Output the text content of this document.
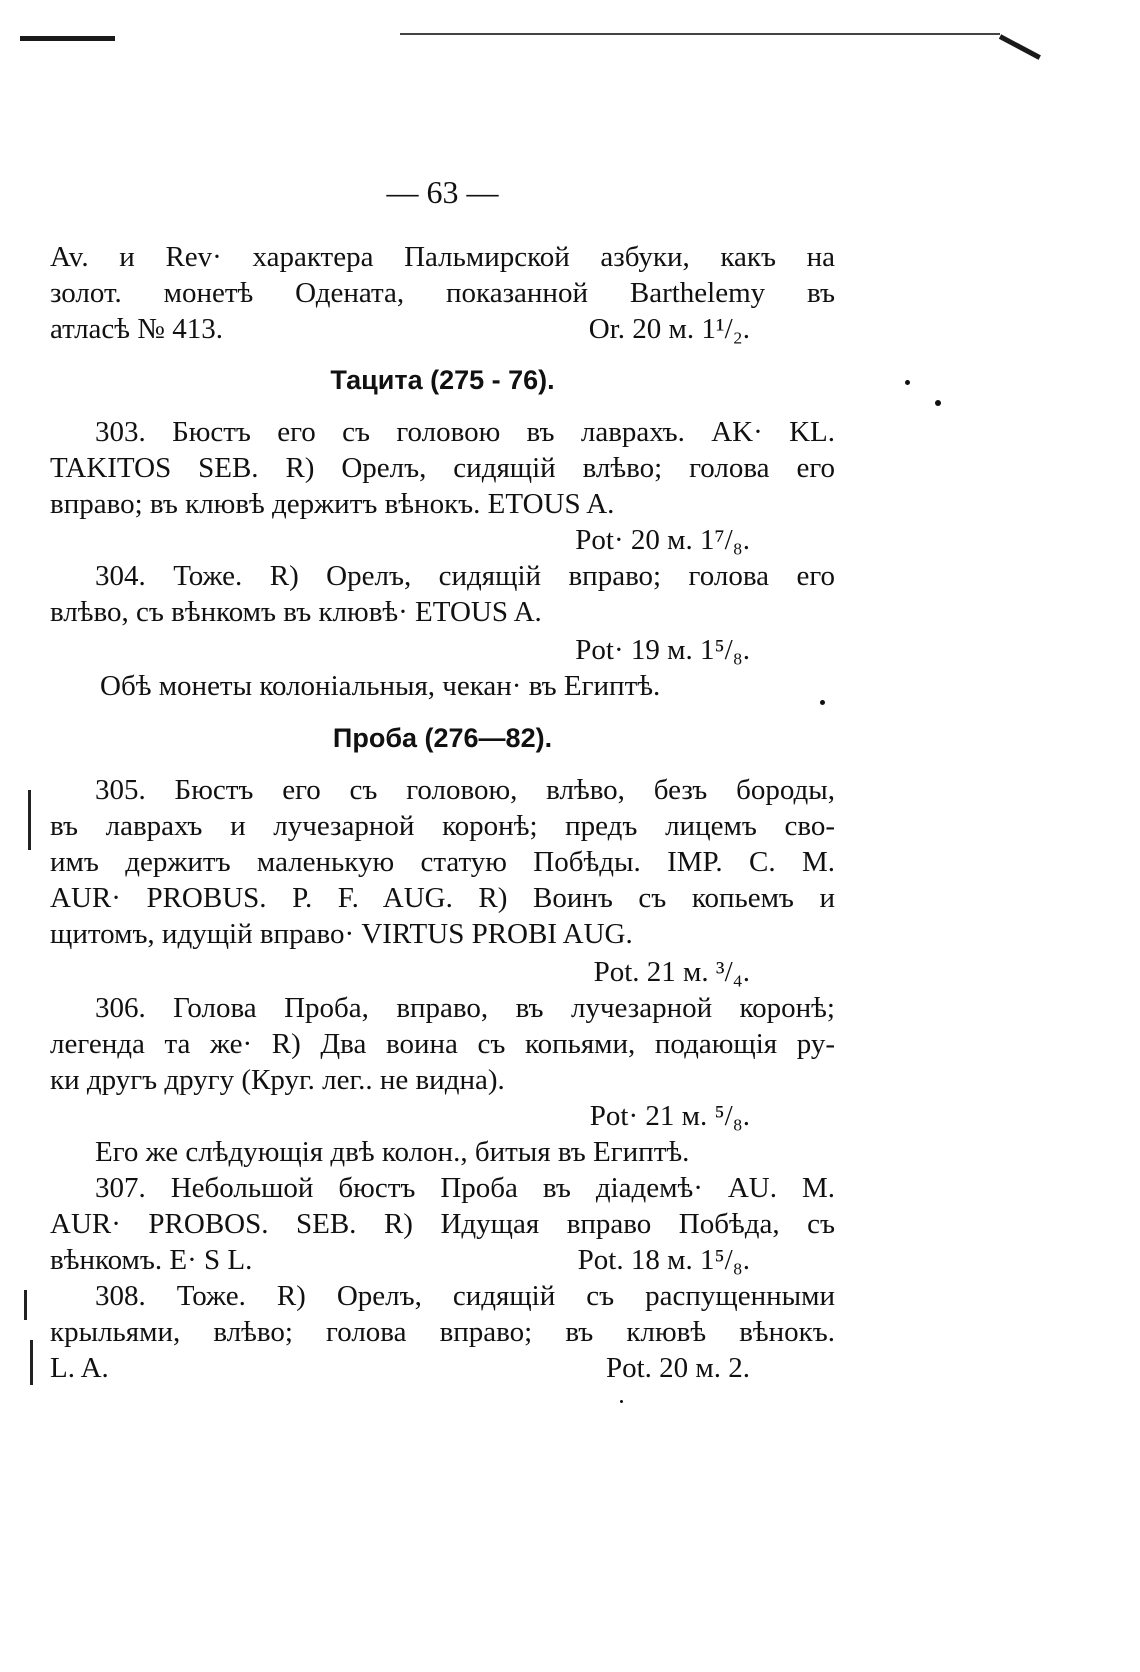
— 63 —
Av. и Rev· характера Пальмирской азбуки, какъ на
золот. монетѣ Одената, показанной Barthelemy въ
атласѣ № 413.	Or. 20 м. 1¹/₂.
Тацита (275 - 76).
303. Бюстъ его съ головою въ лаврахъ. AK· KL.
TAKITOS SEB. R) Орелъ, сидящій влѣво; голова его
вправо; въ клювѣ держитъ вѣнокъ. ETOUS A.
Pot· 20 м. 1⁷/₈.
304. Тоже. R) Орелъ, сидящій вправо; голова его
влѣво, съ вѣнкомъ въ клювѣ· ETOUS A.
Pot· 19 м. 1⁵/₈.
Обѣ монеты колоніальныя, чекан· въ Египтѣ.
Проба (276—82).
305. Бюстъ его съ головою, влѣво, безъ бороды,
въ лаврахъ и лучезарной коронѣ; предъ лицемъ сво-
имъ держитъ маленькую статую Побѣды. IMP. C. M.
AUR· PROBUS. P. F. AUG. R) Воинъ съ копьемъ и
щитомъ, идущій вправо· VIRTUS PROBI AUG.
Pot. 21 м. ³/₄.
306. Голова Проба, вправо, въ лучезарной коронѣ;
легенда та же· R) Два воина съ копьями, подающія ру-
ки другъ другу (Круг. лег.. не видна).
Pot· 21 м. ⁵/₈.
Его же слѣдующія двѣ колон., битыя въ Египтѣ.
307. Небольшой бюстъ Проба въ діадемѣ· AU. M.
AUR· PROBOS. SEB. R) Идущая вправо Побѣда, съ
вѣнкомъ. E· S L.	Pot. 18 м. 1⁵/₈.
308. Тоже. R) Орелъ, сидящій съ распущенными
крыльями, влѣво; голова вправо; въ клювѣ вѣнокъ.
L. A.	Pot. 20 м. 2.
